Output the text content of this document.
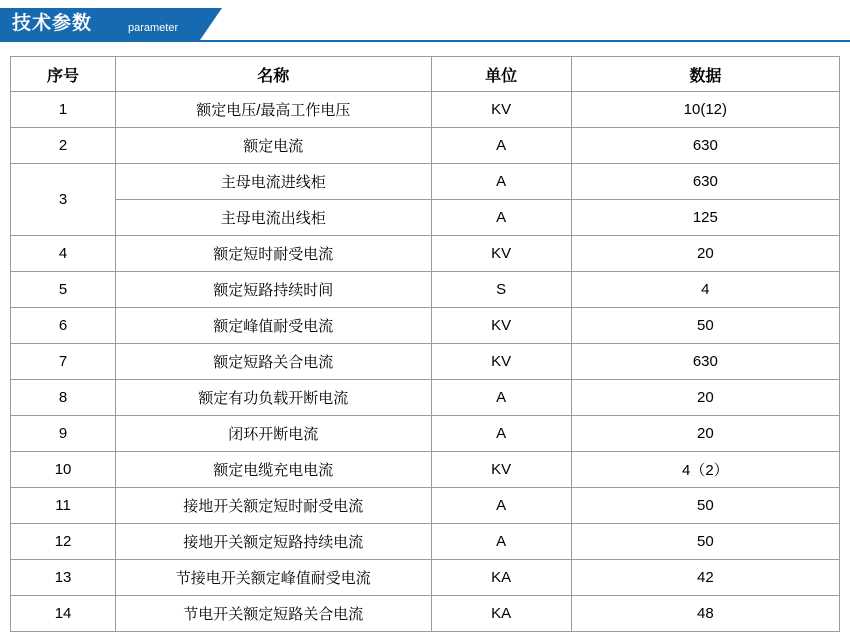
技术参数	parameter
序号	名称	单位	数据
1	额定电压/最高工作电压	KV	10(12)
2	额定电流	A	630
3	主母电流进线柜	A	630
	主母电流出线柜	A	125
4	额定短时耐受电流	KV	20
5	额定短路持续时间	S	4
6	额定峰值耐受电流	KV	50
7	额定短路关合电流	KV	630
8	额定有功负载开断电流	A	20
9	闭环开断电流	A	20
10	额定电缆充电电流	KV	4（2）
11	接地开关额定短时耐受电流	A	50
12	接地开关额定短路持续电流	A	50
13	节接电开关额定峰值耐受电流	KA	42
14	节电开关额定短路关合电流	KA	48
